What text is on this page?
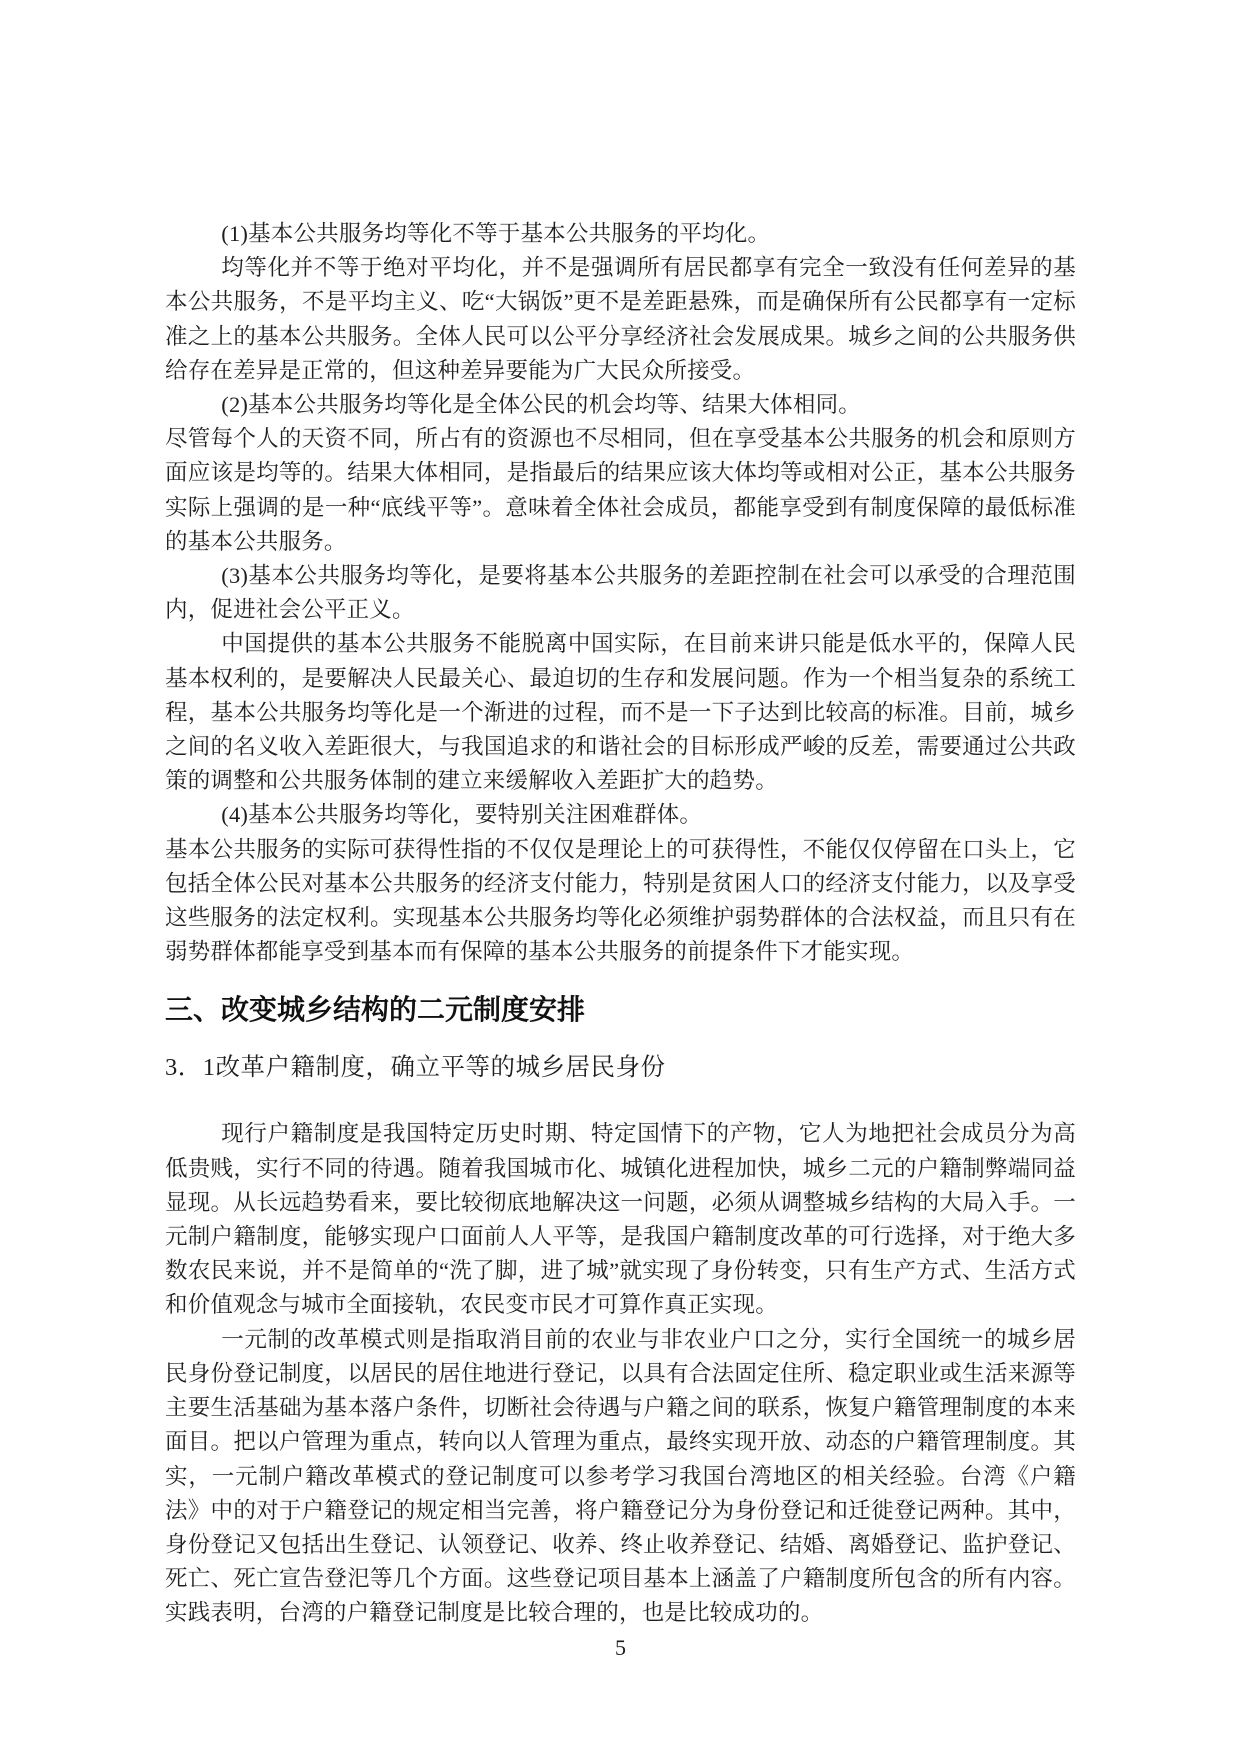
(1)基本公共服务均等化不等于基本公共服务的平均化。

均等化并不等于绝对平均化，并不是强调所有居民都享有完全一致没有任何差异的基本公共服务，不是平均主义、吃“大锅饭”更不是差距悬殊，而是确保所有公民都享有一定标准之上的基本公共服务。全体人民可以公平分享经济社会发展成果。城乡之间的公共服务供给存在差异是正常的，但这种差异要能为广大民众所接受。

(2)基本公共服务均等化是全体公民的机会均等、结果大体相同。

尽管每个人的天资不同，所占有的资源也不尽相同，但在享受基本公共服务的机会和原则方面应该是均等的。结果大体相同，是指最后的结果应该大体均等或相对公正，基本公共服务实际上强调的是一种“底线平等”。意味着全体社会成员，都能享受到有制度保障的最低标准的基本公共服务。

(3)基本公共服务均等化，是要将基本公共服务的差距控制在社会可以承受的合理范围内，促进社会公平正义。

中国提供的基本公共服务不能脱离中国实际，在目前来讲只能是低水平的，保障人民基本权利的，是要解决人民最关心、最迫切的生存和发展问题。作为一个相当复杂的系统工程，基本公共服务均等化是一个渐进的过程，而不是一下子达到比较高的标准。目前，城乡之间的名义收入差距很大，与我国追求的和谐社会的目标形成严峻的反差，需要通过公共政策的调整和公共服务体制的建立来缓解收入差距扩大的趋势。

(4)基本公共服务均等化，要特别关注困难群体。

基本公共服务的实际可获得性指的不仅仅是理论上的可获得性，不能仅仅停留在口头上，它包括全体公民对基本公共服务的经济支付能力，特别是贫困人口的经济支付能力，以及享受这些服务的法定权利。实现基本公共服务均等化必须维护弱势群体的合法权益，而且只有在弱势群体都能享受到基本而有保障的基本公共服务的前提条件下才能实现。

三、改变城乡结构的二元制度安排
3．1改革户籍制度，确立平等的城乡居民身份

现行户籍制度是我国特定历史时期、特定国情下的产物，它人为地把社会成员分为高低贵贱，实行不同的待遇。随着我国城市化、城镇化进程加快，城乡二元的户籍制弊端同益显现。从长远趋势看来，要比较彻底地解决这一问题，必须从调整城乡结构的大局入手。一元制户籍制度，能够实现户口面前人人平等，是我国户籍制度改革的可行选择，对于绝大多数农民来说，并不是简单的“洗了脚，进了城”就实现了身份转变，只有生产方式、生活方式和价值观念与城市全面接轨，农民变市民才可算作真正实现。

一元制的改革模式则是指取消目前的农业与非农业户口之分，实行全国统一的城乡居民身份登记制度，以居民的居住地进行登记，以具有合法固定住所、稳定职业或生活来源等主要生活基础为基本落户条件，切断社会待遇与户籍之间的联系，恢复户籍管理制度的本来面目。把以户管理为重点，转向以人管理为重点，最终实现开放、动态的户籍管理制度。其实，一元制户籍改革模式的登记制度可以参考学习我国台湾地区的相关经验。台湾《户籍法》中的对于户籍登记的规定相当完善，将户籍登记分为身份登记和迁徙登记两种。其中，身份登记又包括出生登记、认领登记、收养、终止收养登记、结婚、离婚登记、监护登记、死亡、死亡宣告登汜等几个方面。这些登记项目基本上涵盖了户籍制度所包含的所有内容。实践表明，台湾的户籍登记制度是比较合理的，也是比较成功的。

5
